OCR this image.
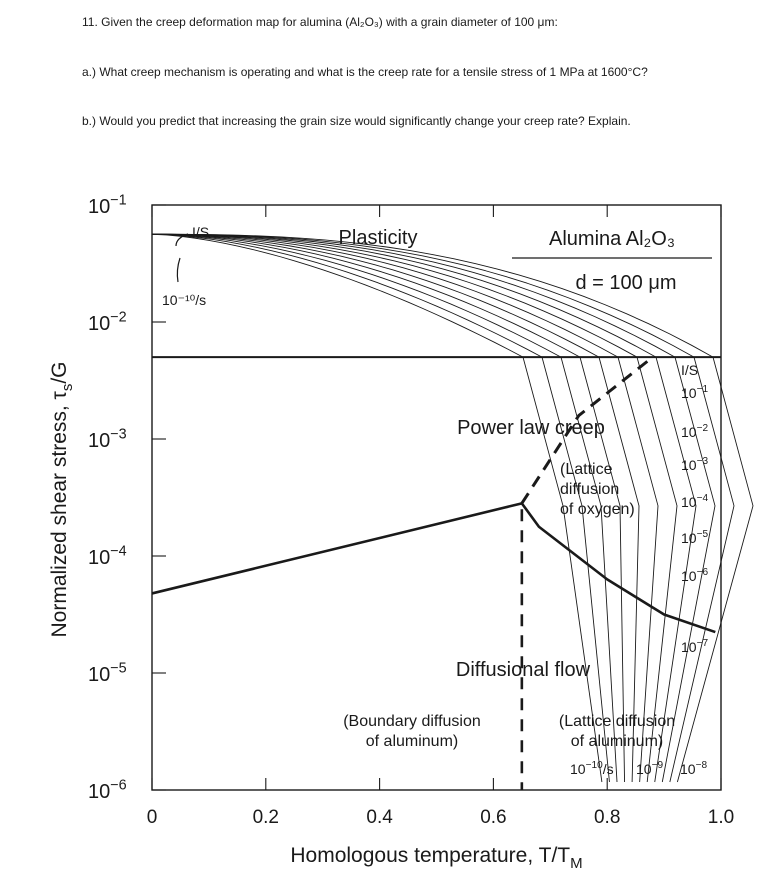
11. Given the creep deformation map for alumina (Al₂O₃) with a grain diameter of 100 μm:
a.) What creep mechanism is operating and what is the creep rate for a tensile stress of 1 MPa at 1600°C?
b.) Would you predict that increasing the grain size would significantly change your creep rate? Explain.
0	0.2	0.4	0.6	0.8	1.0
$10^{-1}$
$10^{-2}$
$10^{-3}$
$10^{-4}$
$10^{-5}$
$10^{-6}$
Homologous temperature, $T/T_M$
Normalized shear stress, $\tau_s/G$
Plasticity	Alumina Al₂O₃
d = 100 μm
Power law creep
(Lattice
diffusion
of oxygen)
Diffusional flow
(Boundary diffusion
of aluminum)
(Lattice diffusion
of aluminum)
I/S
10⁻¹⁰/s
I/S
$10^{-1}$
$10^{-2}$
$10^{-3}$
$10^{-4}$
$10^{-5}$
$10^{-6}$
$10^{-7}$
$10^{-10}/s$ $10^{-9}$ $10^{-8}$
